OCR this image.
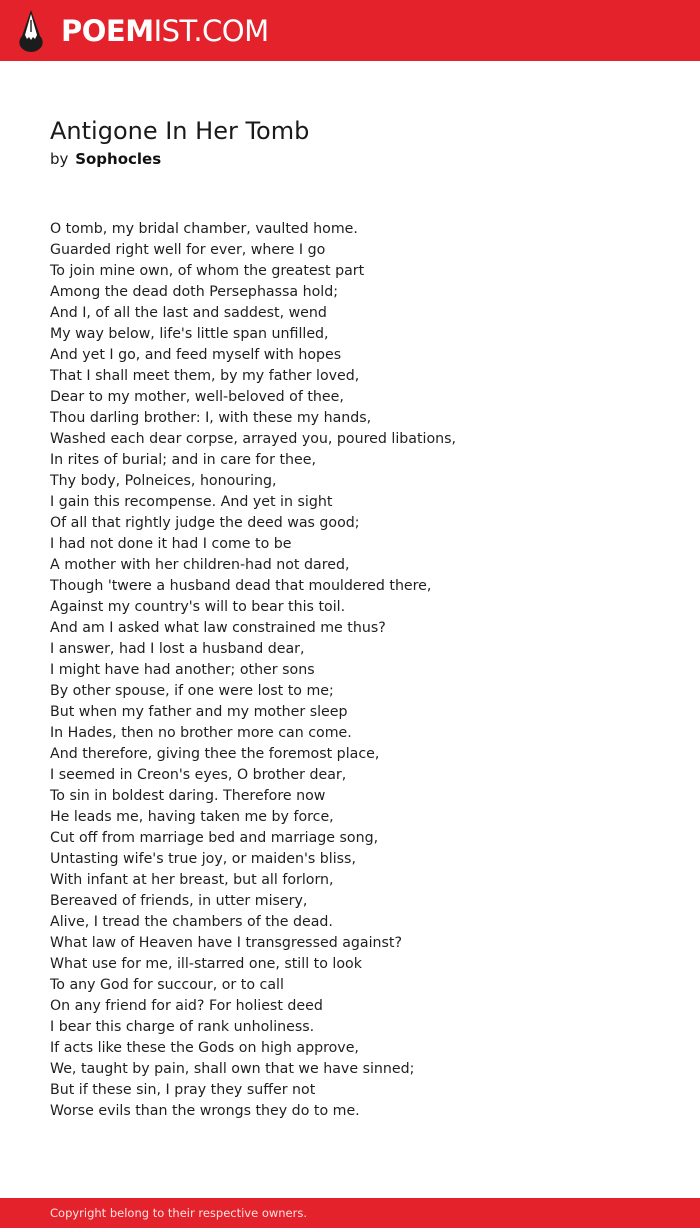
POEMIST.COM
Antigone In Her Tomb
by Sophocles
O tomb, my bridal chamber, vaulted home.
Guarded right well for ever, where I go
To join mine own, of whom the greatest part
Among the dead doth Persephassa hold;
And I, of all the last and saddest, wend
My way below, life's little span unfilled,
And yet I go, and feed myself with hopes
That I shall meet them, by my father loved,
Dear to my mother, well-beloved of thee,
Thou darling brother: I, with these my hands,
Washed each dear corpse, arrayed you, poured libations,
In rites of burial; and in care for thee,
Thy body, Polneices, honouring,
I gain this recompense. And yet in sight
Of all that rightly judge the deed was good;
I had not done it had I come to be
A mother with her children-had not dared,
Though 'twere a husband dead that mouldered there,
Against my country's will to bear this toil.
And am I asked what law constrained me thus?
I answer, had I lost a husband dear,
I might have had another; other sons
By other spouse, if one were lost to me;
But when my father and my mother sleep
In Hades, then no brother more can come.
And therefore, giving thee the foremost place,
I seemed in Creon's eyes, O brother dear,
To sin in boldest daring. Therefore now
He leads me, having taken me by force,
Cut off from marriage bed and marriage song,
Untasting wife's true joy, or maiden's bliss,
With infant at her breast, but all forlorn,
Bereaved of friends, in utter misery,
Alive, I tread the chambers of the dead.
What law of Heaven have I transgressed against?
What use for me, ill-starred one, still to look
To any God for succour, or to call
On any friend for aid? For holiest deed
I bear this charge of rank unholiness.
If acts like these the Gods on high approve,
We, taught by pain, shall own that we have sinned;
But if these sin, I pray they suffer not
Worse evils than the wrongs they do to me.
Copyright belong to their respective owners.
